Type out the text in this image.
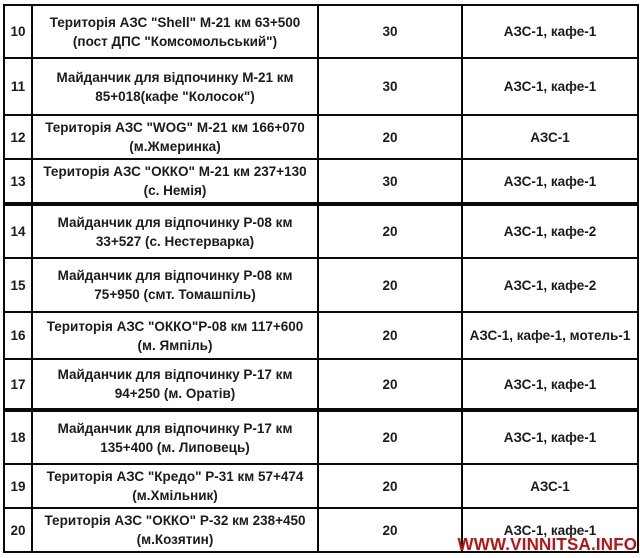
10	Територія АЗС "Shell" М-21 км 63+500 (пост ДПС "Комсомольський")	30	АЗС-1, кафе-1
11	Майданчик для відпочинку М-21 км 85+018(кафе "Колосок")	30	АЗС-1, кафе-1
12	Територія АЗС "WOG" М-21 км 166+070 (м.Жмеринка)	20	АЗС-1
13	Територія АЗС "ОККО" М-21 км 237+130 (с. Немія)	30	АЗС-1, кафе-1
14	Майданчик для відпочинку Р-08 км 33+527 (с. Нестерварка)	20	АЗС-1, кафе-2
15	Майданчик для відпочинку Р-08 км 75+950 (смт. Томашпіль)	20	АЗС-1, кафе-2
16	Територія АЗС "ОККО"Р-08 км 117+600 (м. Ямпіль)	20	АЗС-1, кафе-1, мотель-1
17	Майданчик для відпочинку Р-17 км 94+250 (м. Оратів)	20	АЗС-1, кафе-1
18	Майданчик для відпочинку Р-17 км 135+400 (м. Липовець)	20	АЗС-1, кафе-1
19	Територія АЗС "Кредо" Р-31 км 57+474 (м.Хмільник)	20	АЗС-1
20	Територія АЗС "ОККО" Р-32 км 238+450 (м.Козятин)	20	АЗС-1, кафе-1
WWW.VINNITSA.INFO
